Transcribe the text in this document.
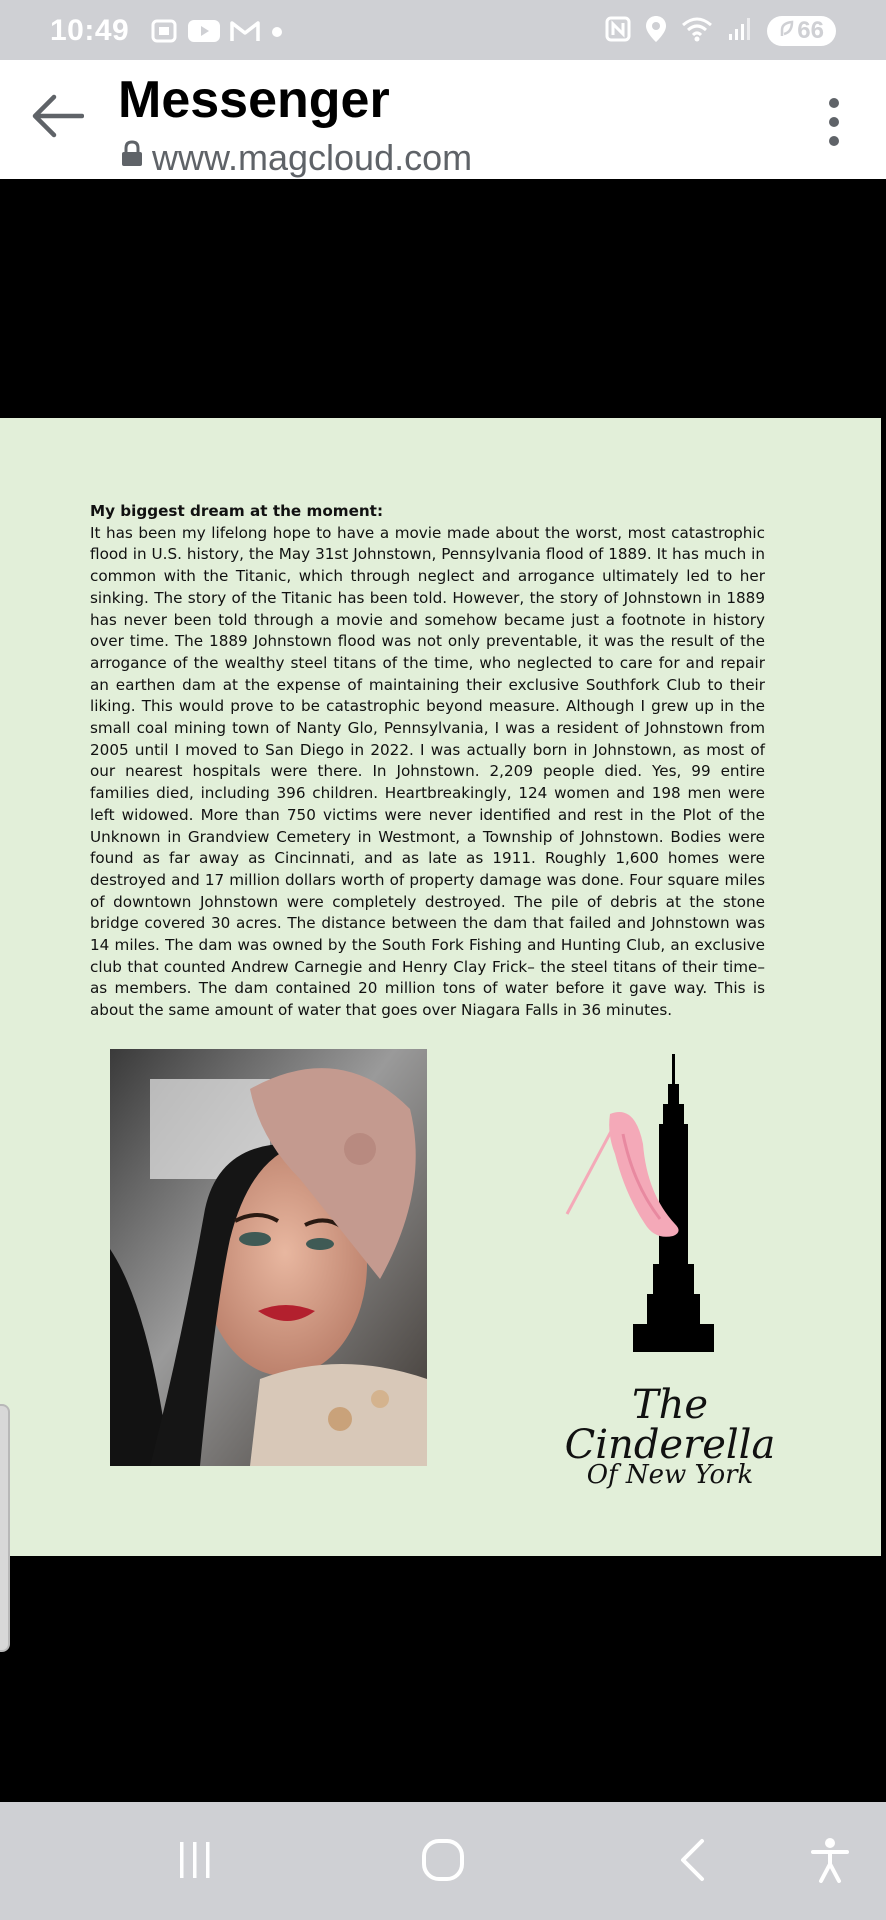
10:49	66
Messenger
www.magcloud.com
My biggest dream at the moment:
It has been my lifelong hope to have a movie made about the worst, most catastrophic flood in U.S. history, the May 31st Johnstown, Pennsylvania flood of 1889. It has much in common with the Titanic, which through neglect and arrogance ultimately led to her sinking. The story of the Titanic has been told. However, the story of Johnstown in 1889 has never been told through a movie and somehow became just a footnote in history over time. The 1889 Johnstown flood was not only preventable, it was the result of the arrogance of the wealthy steel titans of the time, who neglected to care for and repair an earthen dam at the expense of maintaining their exclusive Southfork Club to their liking. This would prove to be catastrophic beyond measure. Although I grew up in the small coal mining town of Nanty Glo, Pennsylvania, I was a resident of Johnstown from 2005 until I moved to San Diego in 2022. I was actually born in Johnstown, as most of our nearest hospitals were there. In Johnstown. 2,209 people died. Yes, 99 entire families died, including 396 children. Heartbreakingly, 124 women and 198 men were left widowed. More than 750 victims were never identified and rest in the Plot of the Unknown in Grandview Cemetery in Westmont, a Township of Johnstown. Bodies were found as far away as Cincinnati, and as late as 1911. Roughly 1,600 homes were destroyed and 17 million dollars worth of property damage was done. Four square miles of downtown Johnstown were completely destroyed. The pile of debris at the stone bridge covered 30 acres. The distance between the dam that failed and Johnstown was 14 miles. The dam was owned by the South Fork Fishing and Hunting Club, an exclusive club that counted Andrew Carnegie and Henry Clay Frick– the steel titans of their time–as members. The dam contained 20 million tons of water before it gave way. This is about the same amount of water that goes over Niagara Falls in 36 minutes.
The Cinderella
Of New York
